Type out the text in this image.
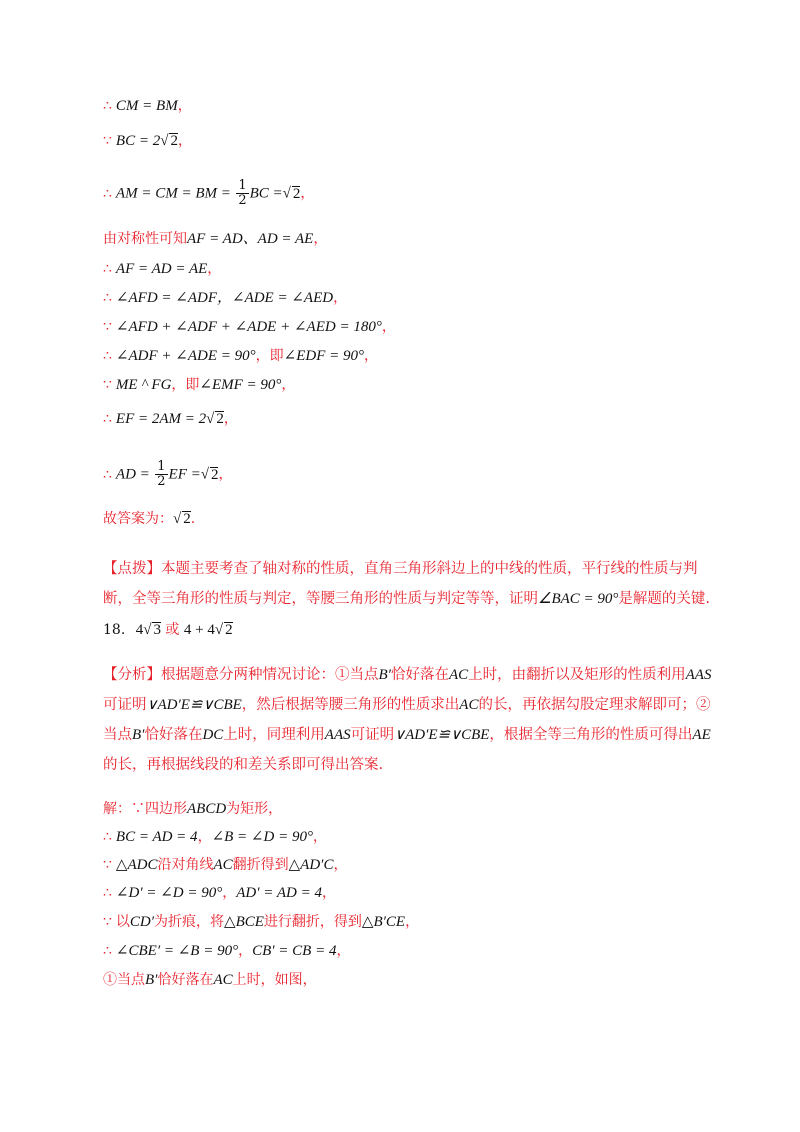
∴ CM = BM，
∵ BC = 2√ 2，
∴ AM = CM = BM = $\frac{1}{2}$ BC =√ 2，
由对称性可知AF = AD、AD = AE，
∴ AF = AD = AE，
∴ ∠AFD = ∠ADF，∠ADE = ∠AED，
∵ ∠AFD + ∠ADF + ∠ADE + ∠AED = 180°，
∴ ∠ADF + ∠ADE = 90°，即∠EDF = 90°，
∵ ME ^ FG，即∠EMF = 90°，
∴ EF = 2AM = 2√ 2，
∴ AD = $\frac{1}{2}$ EF =√ 2，
故答案为：√ 2.
【点拨】本题主要考查了轴对称的性质，直角三角形斜边上的中线的性质，平行线的性质与判断，全等三角形的性质与判定，等腰三角形的性质与判定等等，证明∠BAC = 90°是解题的关键.
18. 4√ 3 或 4 + 4√ 2
【分析】根据题意分两种情况讨论：①当点B′恰好落在AC上时，由翻折以及矩形的性质利用AAS可证明∨AD′E≌∨CBE，然后根据等腰三角形的性质求出AC的长，再依据勾股定理求解即可；②当点B′恰好落在DC上时，同理利用AAS可证明∨AD′E≌∨CBE，根据全等三角形的性质可得出AE的长，再根据线段的和差关系即可得出答案.
解：∵四边形ABCD为矩形，
∴ BC = AD = 4，∠B = ∠D = 90°，
∵ △ADC沿对角线AC翻折得到△AD′C，
∴ ∠D′ = ∠D = 90°，AD′ = AD = 4，
∵ 以CD′为折痕，将△BCE进行翻折，得到△B′CE，
∴ ∠CBE′ = ∠B = 90°，CB′ = CB = 4，
①当点B′恰好落在AC上时，如图，
